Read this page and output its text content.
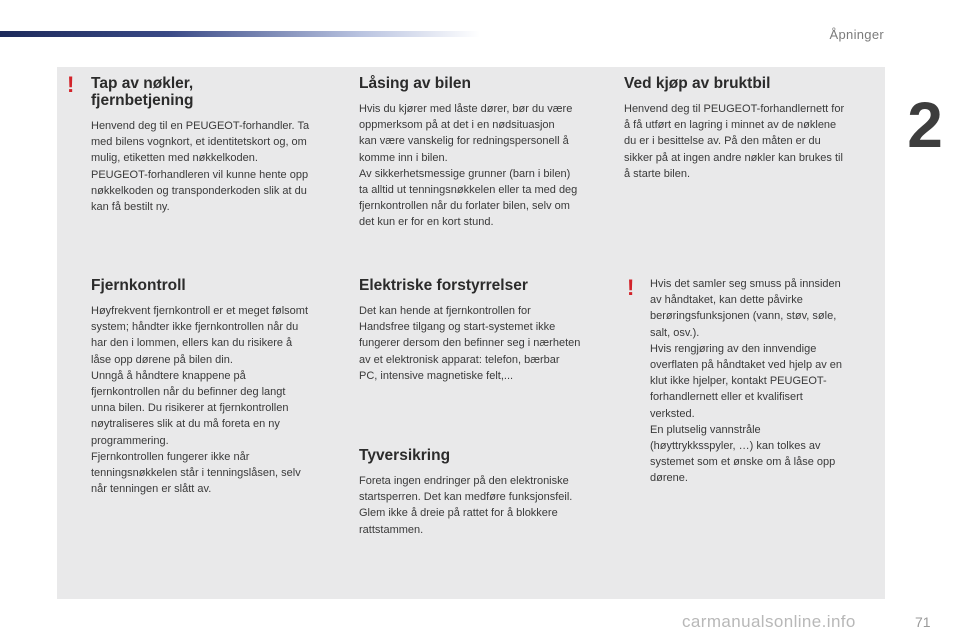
Åpninger
2
! Tap av nøkler,
fjernbetjening

Henvend deg til en PEUGEOT-forhandler. Ta
med bilens vognkort, et identitetskort og, om
mulig, etiketten med nøkkelkoden.
PEUGEOT-forhandleren vil kunne hente opp
nøkkelkoden og transponderkoden slik at du
kan få bestilt ny.

Låsing av bilen

Hvis du kjører med låste dører, bør du være
oppmerksom på at det i en nødsituasjon
kan være vanskelig for redningspersonell å
komme inn i bilen.
Av sikkerhetsmessige grunner (barn i bilen)
ta alltid ut tenningsnøkkelen eller ta med deg
fjernkontrollen når du forlater bilen, selv om
det kun er for en kort stund.

Ved kjøp av bruktbil

Henvend deg til PEUGEOT-forhandlernett for
å få utført en lagring i minnet av de nøklene
du er i besittelse av. På den måten er du
sikker på at ingen andre nøkler kan brukes til
å starte bilen.

Fjernkontroll

Høyfrekvent fjernkontroll er et meget følsomt
system; håndter ikke fjernkontrollen når du
har den i lommen, ellers kan du risikere å
låse opp dørene på bilen din.
Unngå å håndtere knappene på
fjernkontrollen når du befinner deg langt
unna bilen. Du risikerer at fjernkontrollen
nøytraliseres slik at du må foreta en ny
programmering.
Fjernkontrollen fungerer ikke når
tenningsnøkkelen står i tenningslåsen, selv
når tenningen er slått av.

Elektriske forstyrrelser

Det kan hende at fjernkontrollen for
Handsfree tilgang og start-systemet ikke
fungerer dersom den befinner seg i nærheten
av et elektronisk apparat: telefon, bærbar
PC, intensive magnetiske felt,...

Tyversikring

Foreta ingen endringer på den elektroniske
startsperren. Det kan medføre funksjonsfeil.
Glem ikke å dreie på rattet for å blokkere
rattstammen.

! Hvis det samler seg smuss på innsiden
av håndtaket, kan dette påvirke
berøringsfunksjonen (vann, støv, søle,
salt, osv.).
Hvis rengjøring av den innvendige
overflaten på håndtaket ved hjelp av en
klut ikke hjelper, kontakt PEUGEOT-
forhandlernett eller et kvalifisert
verksted.
En plutselig vannstråle
(høyttrykksspyler, …) kan tolkes av
systemet som et ønske om å låse opp
dørene.

carmanualsonline.info	71
